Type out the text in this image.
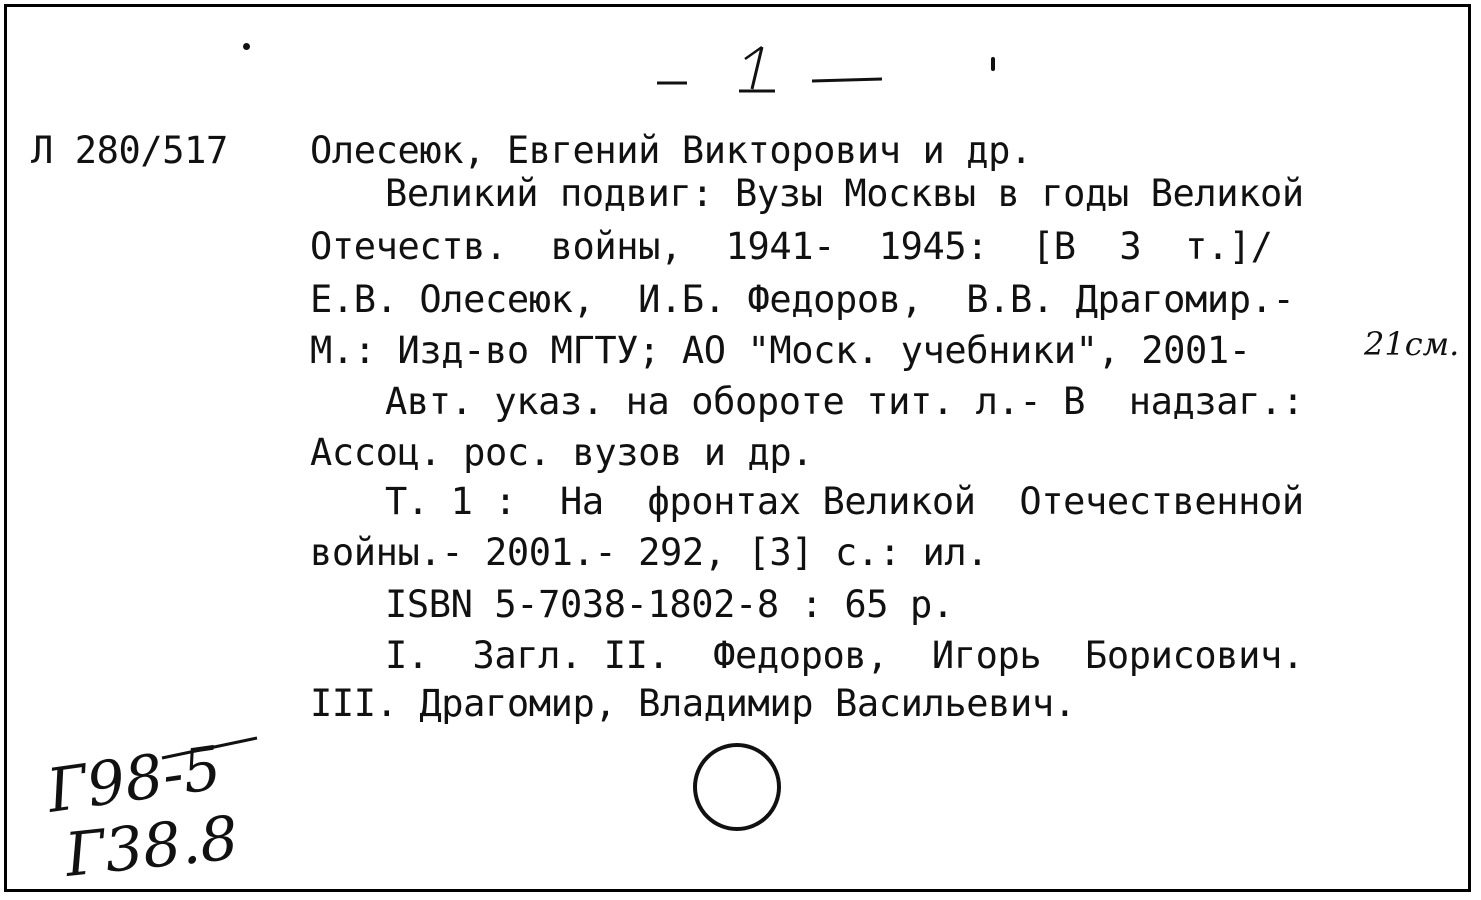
Л 280/517 Олесеюк, Евгений Викторович и др.
Великий подвиг: Вузы Москвы в годы Великой
Отечеств.  войны,  1941-  1945:  [В  3  т.]/
Е.В. Олесеюк,  И.Б. Федоров,  В.В. Драгомир.-
М.: Изд-во МГТУ; АО "Моск. учебники", 2001-	21см.
Авт. указ. на обороте тит. л.- В  надзаг.:
Ассоц. рос. вузов и др.
Т. 1 :  На  фронтах Великой  Отечественной
войны.- 2001.- 292, [3] с.: ил.
ISBN 5-7038-1802-8 : 65 р.
I.  Загл. II.  Федоров,  Игорь  Борисович.
III. Драгомир, Владимир Васильевич.
Г98-5
Г38.8
